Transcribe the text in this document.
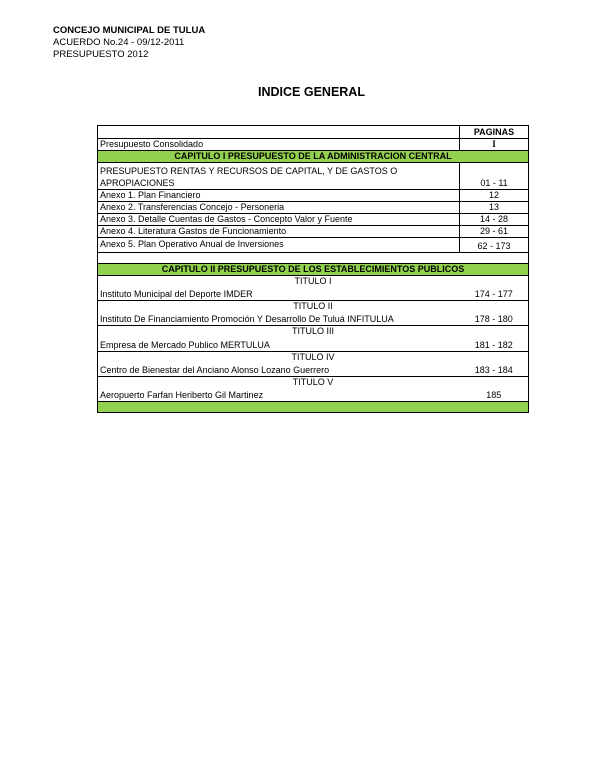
CONCEJO MUNICIPAL DE TULUA
ACUERDO No.24 - 09/12-2011
PRESUPUESTO 2012
INDICE GENERAL
	PAGINAS
Presupuesto Consolidado	I
CAPITULO I PRESUPUESTO DE LA ADMINISTRACION CENTRAL	
PRESUPUESTO RENTAS Y RECURSOS DE CAPITAL, Y DE GASTOS O	
APROPIACIONES	01 - 11
Anexo 1. Plan Financiero	12
Anexo 2. Transferencias Concejo - Personeria	13
Anexo 3. Detalle Cuentas de Gastos - Concepto Valor y Fuente	14 - 28
Anexo 4. Literatura Gastos de Funcionamiento	29 - 61
Anexo 5. Plan Operativo Anual de Inversiones	62 - 173

CAPITULO II PRESUPUESTO DE LOS ESTABLECIMIENTOS PUBLICOS	
TITULO I	
Instituto Municipal del Deporte IMDER	174 - 177
TITULO II	
Instituto De Financiamiento Promoción Y Desarrollo De Tuluá INFITULUA	178 - 180
TITULO III	
Empresa de Mercado Publico MERTULUA	181 - 182
TITULO IV	
Centro de Bienestar del Anciano Alonso Lozano Guerrero	183 - 184
TITULO V	
Aeropuerto Farfan Heriberto Gil Martinez	185
